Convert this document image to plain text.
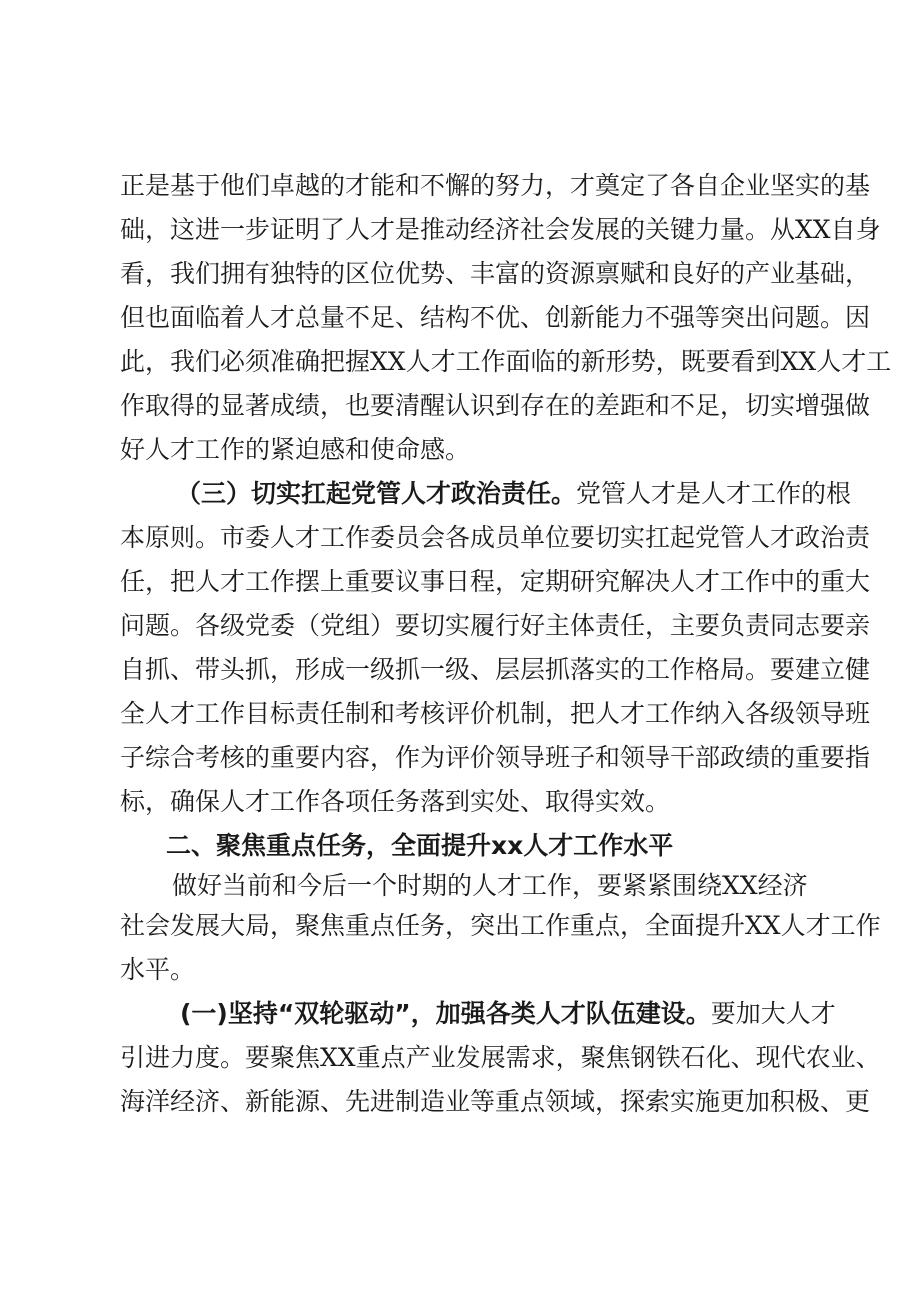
正是基于他们卓越的才能和不懈的努力，才奠定了各自企业坚实的基
础，这进一步证明了人才是推动经济社会发展的关键力量。从XX自身
看，我们拥有独特的区位优势、丰富的资源禀赋和良好的产业基础，
但也面临着人才总量不足、结构不优、创新能力不强等突出问题。因
此，我们必须准确把握XX人才工作面临的新形势，既要看到XX人才工
作取得的显著成绩，也要清醒认识到存在的差距和不足，切实增强做
好人才工作的紧迫感和使命感。
（三）切实扛起党管人才政治责任。党管人才是人才工作的根
本原则。市委人才工作委员会各成员单位要切实扛起党管人才政治责
任，把人才工作摆上重要议事日程，定期研究解决人才工作中的重大
问题。各级党委（党组）要切实履行好主体责任，主要负责同志要亲
自抓、带头抓，形成一级抓一级、层层抓落实的工作格局。要建立健
全人才工作目标责任制和考核评价机制，把人才工作纳入各级领导班
子综合考核的重要内容，作为评价领导班子和领导干部政绩的重要指
标，确保人才工作各项任务落到实处、取得实效。
二、聚焦重点任务，全面提升xx人才工作水平
做好当前和今后一个时期的人才工作，要紧紧围绕XX经济
社会发展大局，聚焦重点任务，突出工作重点，全面提升XX人才工作
水平。
(一)坚持“双轮驱动”，加强各类人才队伍建设。要加大人才
引进力度。要聚焦XX重点产业发展需求，聚焦钢铁石化、现代农业、
海洋经济、新能源、先进制造业等重点领域，探索实施更加积极、更
